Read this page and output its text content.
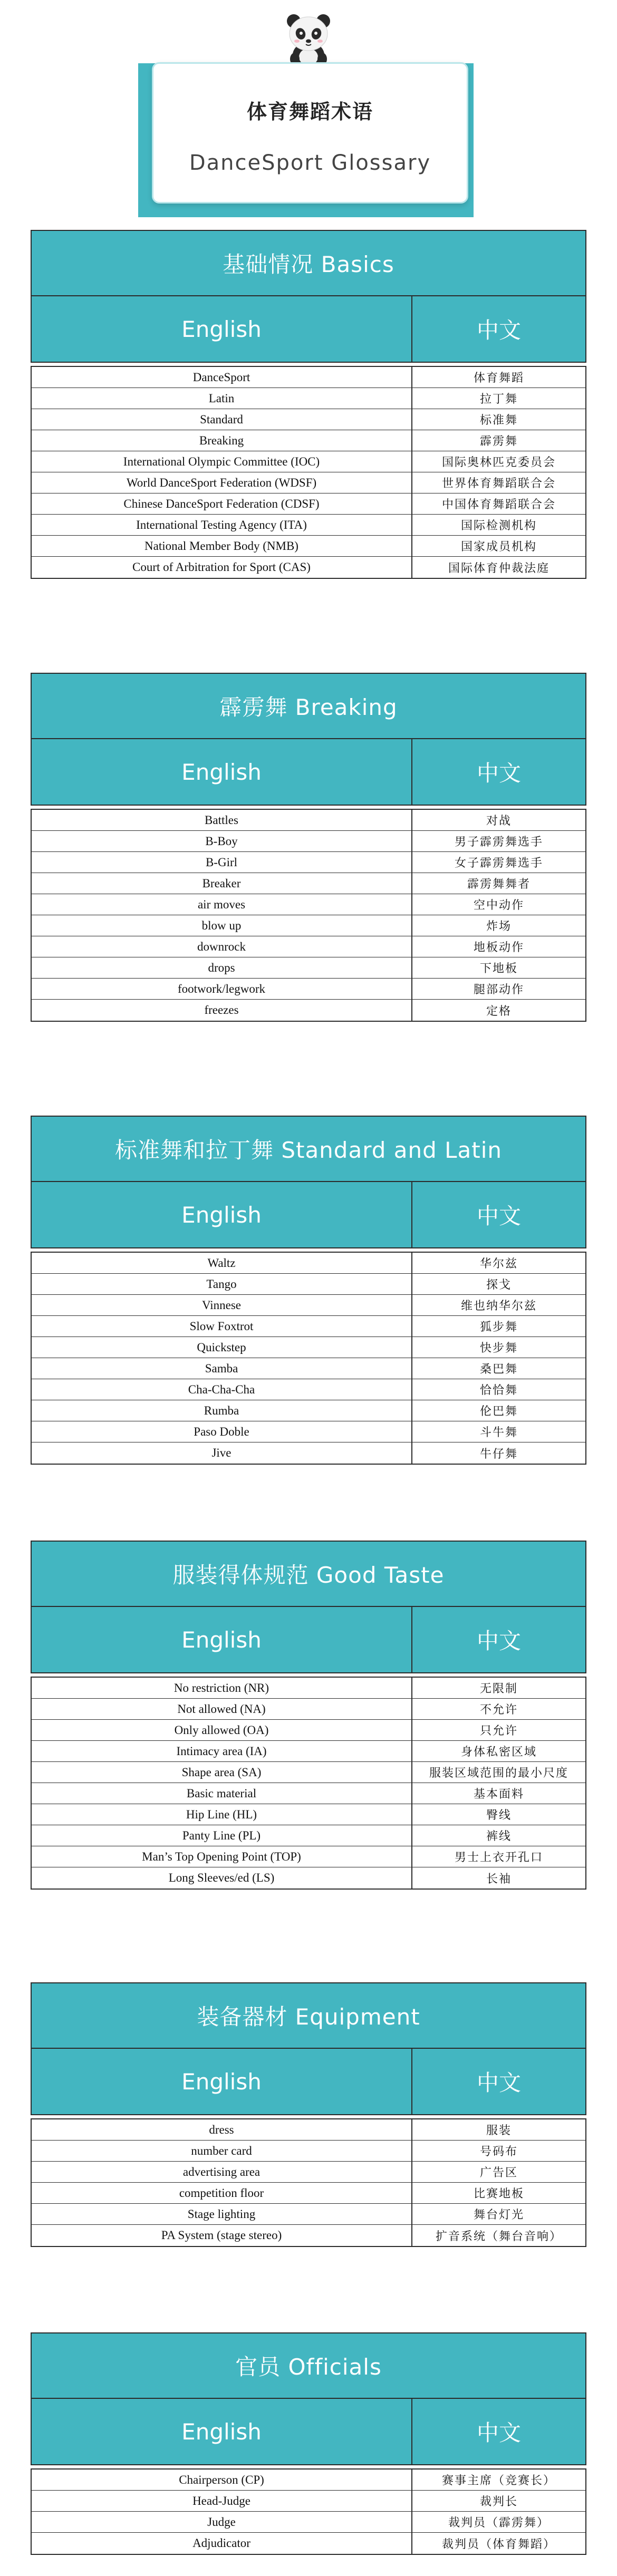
体育舞蹈术语
DanceSport Glossary
基础情况 Basics
English	中文
DanceSport	体育舞蹈
Latin	拉丁舞
Standard	标准舞
Breaking	霹雳舞
International Olympic Committee (IOC)	国际奥林匹克委员会
World DanceSport Federation (WDSF)	世界体育舞蹈联合会
Chinese DanceSport Federation (CDSF)	中国体育舞蹈联合会
International Testing Agency (ITA)	国际检测机构
National Member Body (NMB)	国家成员机构
Court of Arbitration for Sport (CAS)	国际体育仲裁法庭
霹雳舞 Breaking
English	中文
Battles	对战
B-Boy	男子霹雳舞选手
B-Girl	女子霹雳舞选手
Breaker	霹雳舞舞者
air moves	空中动作
blow up	炸场
downrock	地板动作
drops	下地板
footwork/legwork	腿部动作
freezes	定格
标准舞和拉丁舞 Standard and Latin
English	中文
Waltz	华尔兹
Tango	探戈
Vinnese	维也纳华尔兹
Slow Foxtrot	狐步舞
Quickstep	快步舞
Samba	桑巴舞
Cha-Cha-Cha	恰恰舞
Rumba	伦巴舞
Paso Doble	斗牛舞
Jive	牛仔舞
服装得体规范 Good Taste
English	中文
No restriction (NR)	无限制
Not allowed (NA)	不允许
Only allowed (OA)	只允许
Intimacy area (IA)	身体私密区域
Shape area (SA)	服装区域范围的最小尺度
Basic material	基本面料
Hip Line (HL)	臀线
Panty Line (PL)	裤线
Man’s Top Opening Point (TOP)	男士上衣开孔口
Long Sleeves/ed (LS)	长袖
装备器材 Equipment
English	中文
dress	服装
number card	号码布
advertising area	广告区
competition floor	比赛地板
Stage lighting	舞台灯光
PA System (stage stereo)	扩音系统（舞台音响）
官员 Officials
English	中文
Chairperson (CP)	赛事主席（竞赛长）
Head-Judge	裁判长
Judge	裁判员（霹雳舞）
Adjudicator	裁判员（体育舞蹈）
